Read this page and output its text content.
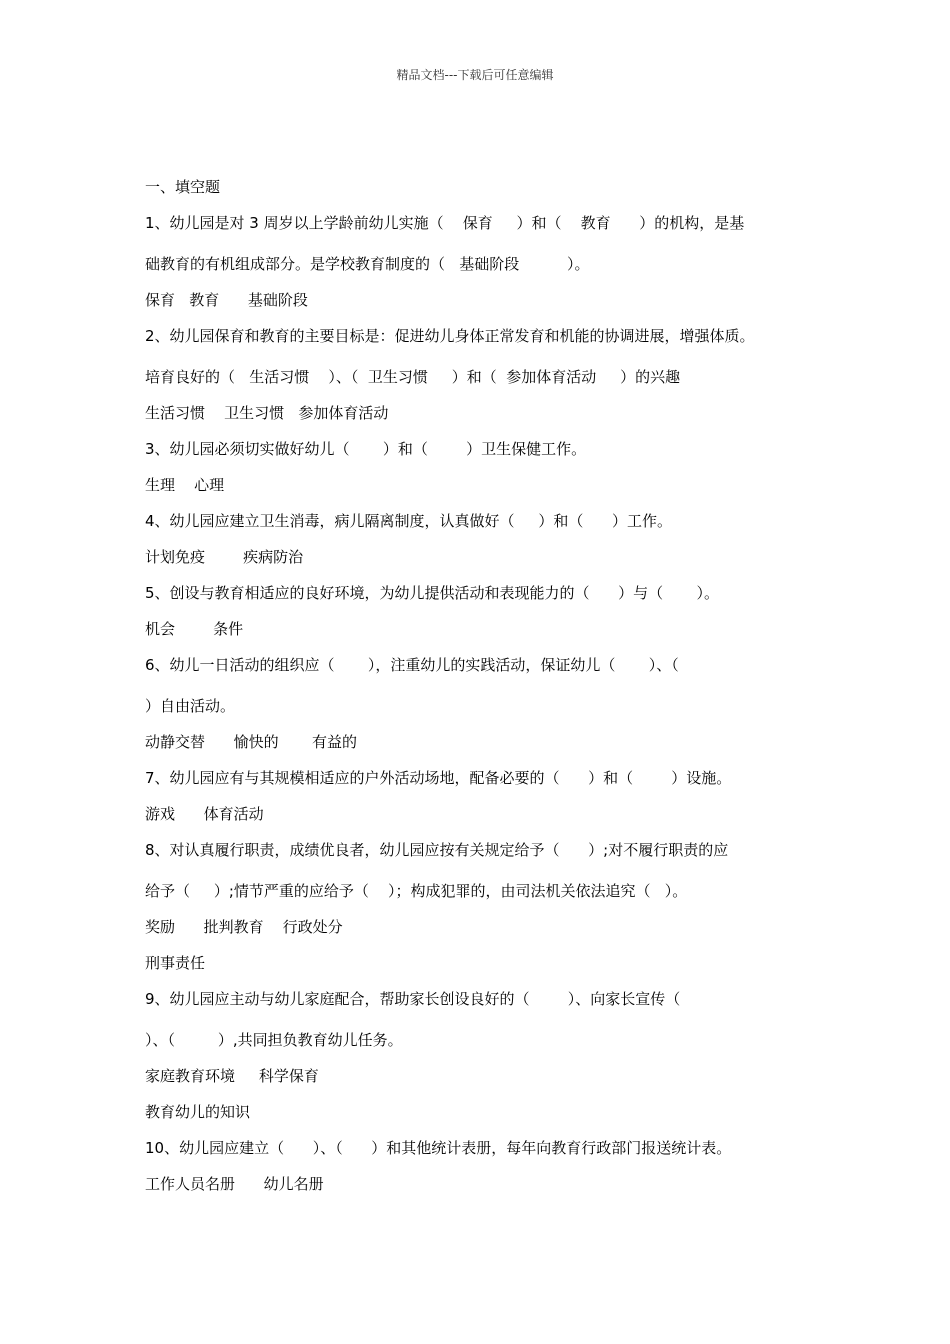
精品文档---下载后可任意编辑
一、填空题
1、幼儿园是对 3 周岁以上学龄前幼儿实施（    保育     ）和（    教育      ）的机构，是基
础教育的有机组成部分。是学校教育制度的（   基础阶段          ）。
保育   教育      基础阶段
2、幼儿园保育和教育的主要目标是：促进幼儿身体正常发育和机能的协调进展，增强体质。
培育良好的（   生活习惯    ）、（  卫生习惯     ）和（  参加体育活动     ）的兴趣
生活习惯    卫生习惯   参加体育活动
3、幼儿园必须切实做好幼儿（       ）和（        ）卫生保健工作。
生理    心理
4、幼儿园应建立卫生消毒，病儿隔离制度，认真做好（     ）和（      ）工作。
计划免疫        疾病防治
5、创设与教育相适应的良好环境，为幼儿提供活动和表现能力的（      ）与（       ）。
机会        条件
6、幼儿一日活动的组织应（       ），注重幼儿的实践活动，保证幼儿（       ）、（
）自由活动。
动静交替      愉快的       有益的
7、幼儿园应有与其规模相适应的户外活动场地，配备必要的（      ）和（        ）设施。
游戏      体育活动
8、对认真履行职责，成绩优良者，幼儿园应按有关规定给予（      ）;对不履行职责的应
给予（     ）;情节严重的应给予（    ）；构成犯罪的，由司法机关依法追究（   ）。
奖励      批判教育    行政处分
刑事责任
9、幼儿园应主动与幼儿家庭配合，帮助家长创设良好的（        ）、向家长宣传（
）、（         ）,共同担负教育幼儿任务。
家庭教育环境     科学保育
教育幼儿的知识
10、幼儿园应建立（      ）、（      ）和其他统计表册，每年向教育行政部门报送统计表。
工作人员名册      幼儿名册
